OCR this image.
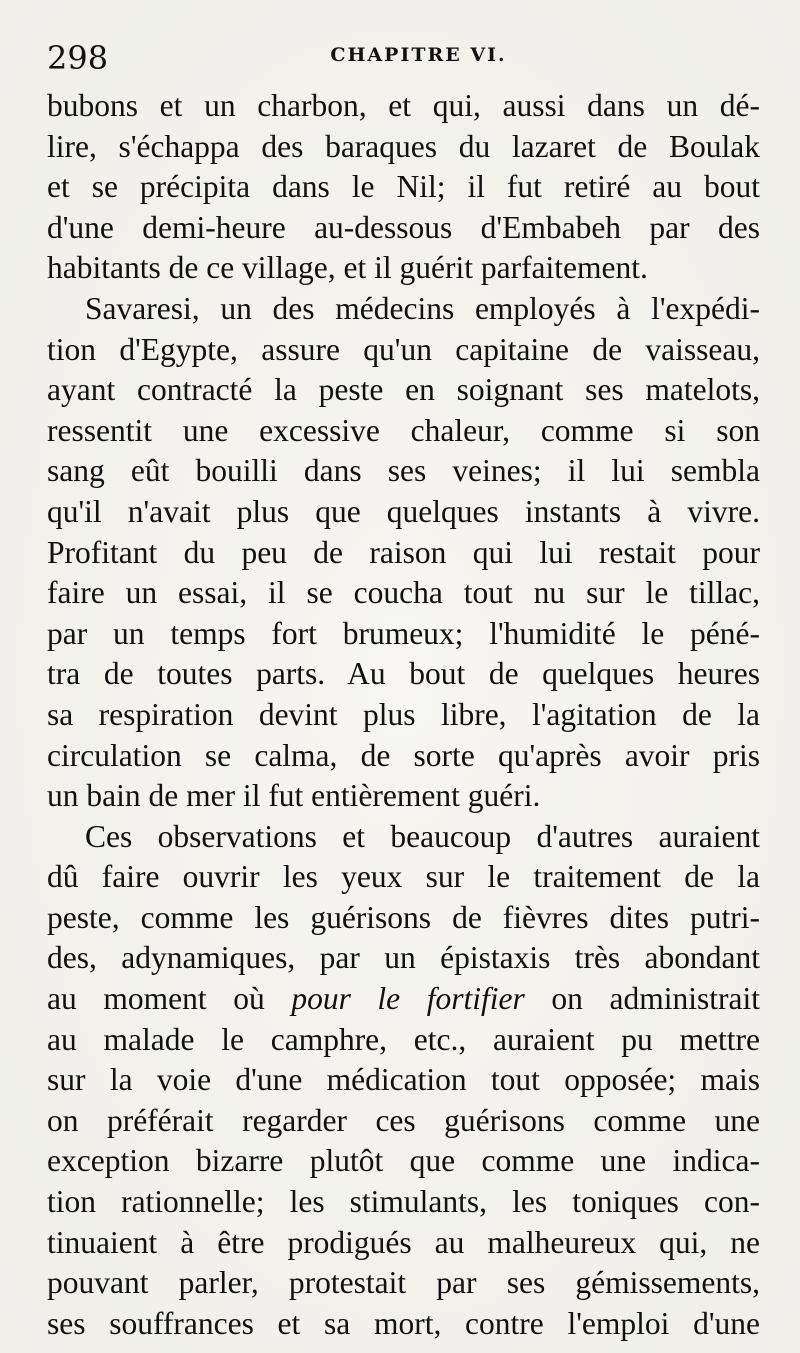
298	CHAPITRE VI.
bubons et un charbon, et qui, aussi dans un dé-
lire, s'échappa des baraques du lazaret de Boulak
et se précipita dans le Nil; il fut retiré au bout
d'une demi-heure au-dessous d'Embabeh par des
habitants de ce village, et il guérit parfaitement.
Savaresi, un des médecins employés à l'expédi-
tion d'Egypte, assure qu'un capitaine de vaisseau,
ayant contracté la peste en soignant ses matelots,
ressentit une excessive chaleur, comme si son
sang eût bouilli dans ses veines; il lui sembla
qu'il n'avait plus que quelques instants à vivre.
Profitant du peu de raison qui lui restait pour
faire un essai, il se coucha tout nu sur le tillac,
par un temps fort brumeux; l'humidité le péné-
tra de toutes parts. Au bout de quelques heures
sa respiration devint plus libre, l'agitation de la
circulation se calma, de sorte qu'après avoir pris
un bain de mer il fut entièrement guéri.
Ces observations et beaucoup d'autres auraient
dû faire ouvrir les yeux sur le traitement de la
peste, comme les guérisons de fièvres dites putri-
des, adynamiques, par un épistaxis très abondant
au moment où pour le fortifier on administrait
au malade le camphre, etc., auraient pu mettre
sur la voie d'une médication tout opposée; mais
on préférait regarder ces guérisons comme une
exception bizarre plutôt que comme une indica-
tion rationnelle; les stimulants, les toniques con-
tinuaient à être prodigués au malheureux qui, ne
pouvant parler, protestait par ses gémissements,
ses souffrances et sa mort, contre l'emploi d'une
